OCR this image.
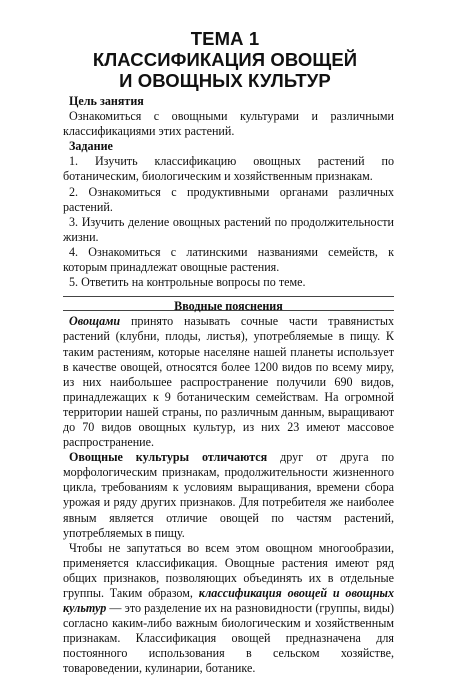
ТЕМА 1
КЛАССИФИКАЦИЯ ОВОЩЕЙ
И ОВОЩНЫХ КУЛЬТУР

Цель занятия

Ознакомиться с овощными культурами и различными классификациями этих растений.

Задание

1. Изучить классификацию овощных растений по ботаническим, биологическим и хозяйственным признакам.

2. Ознакомиться с продуктивными органами различных растений.

3. Изучить деление овощных растений по продолжительности жизни.

4. Ознакомиться с латинскими названиями семейств, к которым принадлежат овощные растения.

5. Ответить на контрольные вопросы по теме.

Вводные пояснения

Овощами принято называть сочные части травянистых растений (клубни, плоды, листья), употребляемые в пищу. К таким растениям, которые населяне нашей планеты использует в качестве овощей, относятся более 1200 видов по всему миру, из них наибольшее распространение получили 690 видов, принадлежащих к 9 ботаническим семействам. На огромной территории нашей страны, по различным данным, выращивают до 70 видов овощных культур, из них 23 имеют массовое распространение.

Овощные культуры отличаются друг от друга по морфологическим признакам, продолжительности жизненного цикла, требованиям к условиям выращивания, времени сбора урожая и ряду других признаков. Для потребителя же наиболее явным является отличие овощей по частям растений, употребляемых в пищу.

Чтобы не запутаться во всем этом овощном многообразии, применяется классификация. Овощные растения имеют ряд общих признаков, позволяющих объединять их в отдельные группы. Таким образом, классификация овощей и овощных культур — это разделение их на разновидности (группы, виды) согласно каким-либо важным биологическим и хозяйственным признакам. Классификация овощей предназначена для постоянного использования в сельском хозяйстве, товароведении, кулинарии, ботанике.
